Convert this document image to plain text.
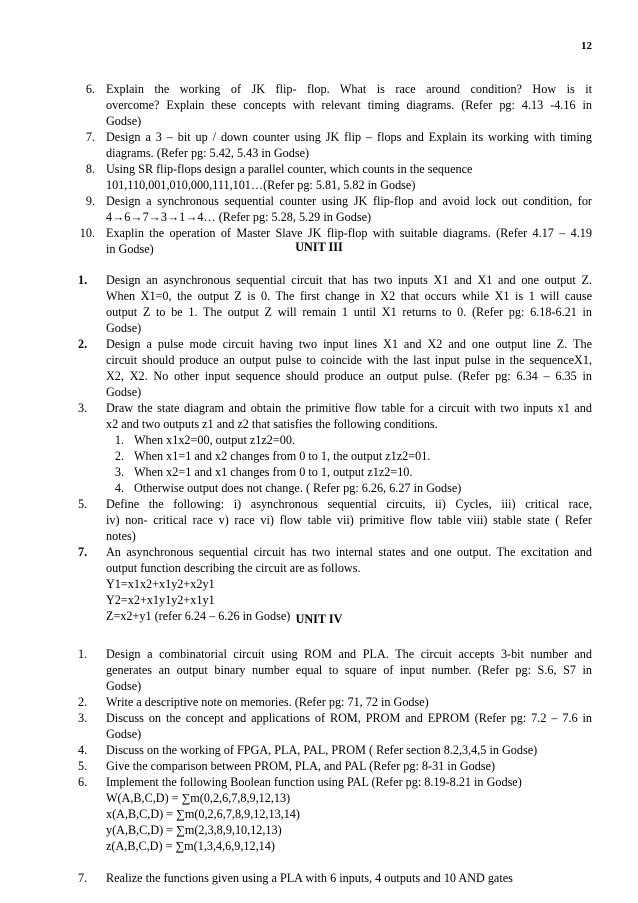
12
6. Explain the working of JK flip- flop. What is race around condition? How is it
overcome? Explain these concepts with relevant timing diagrams. (Refer pg: 4.13 -4.16 in
Godse)
7. Design a 3 – bit up / down counter using JK flip – flops and Explain its working with timing
diagrams. (Refer pg: 5.42, 5.43 in Godse)
8. Using SR flip-flops design a parallel counter, which counts in the sequence
101,110,001,010,000,111,101…(Refer pg: 5.81, 5.82 in Godse)
9. Design a synchronous sequential counter using JK flip-flop and avoid lock out condition, for
4→6→7→3→1→4… (Refer pg: 5.28, 5.29 in Godse)
10. Exaplin the operation of Master Slave JK flip-flop with suitable diagrams. (Refer 4.17 – 4.19
in Godse)	UNIT III
1. Design an asynchronous sequential circuit that has two inputs X1 and X1 and one output Z.
When X1=0, the output Z is 0. The first change in X2 that occurs while X1 is 1 will cause
output Z to be 1. The output Z will remain 1 until X1 returns to 0. (Refer pg: 6.18-6.21 in
Godse)
2. Design a pulse mode circuit having two input lines X1 and X2 and one output line Z. The
circuit should produce an output pulse to coincide with the last input pulse in the sequenceX1,
X2, X2. No other input sequence should produce an output pulse. (Refer pg: 6.34 – 6.35 in
Godse)
3. Draw the state diagram and obtain the primitive flow table for a circuit with two inputs x1 and
x2 and two outputs z1 and z2 that satisfies the following conditions.
1. When x1x2=00, output z1z2=00.
2. When x1=1 and x2 changes from 0 to 1, the output z1z2=01.
3. When x2=1 and x1 changes from 0 to 1, output z1z2=10.
4. Otherwise output does not change. ( Refer pg: 6.26, 6.27 in Godse)
5. Define the following: i) asynchronous sequential circuits, ii) Cycles, iii) critical race,
iv) non- critical race v) race vi) flow table vii) primitive flow table viii) stable state ( Refer
notes)
7. An asynchronous sequential circuit has two internal states and one output. The excitation and
output function describing the circuit are as follows.
Y1=x1x2+x1y2+x2y1
Y2=x2+x1y1y2+x1y1
Z=x2+y1 (refer 6.24 – 6.26 in Godse) UNIT IV
1. Design a combinatorial circuit using ROM and PLA. The circuit accepts 3-bit number and
generates an output binary number equal to square of input number. (Refer pg: S.6, S7 in
Godse)
2. Write a descriptive note on memories. (Refer pg: 71, 72 in Godse)
3. Discuss on the concept and applications of ROM, PROM and EPROM (Refer pg: 7.2 – 7.6 in
Godse)
4. Discuss on the working of FPGA, PLA, PAL, PROM ( Refer section 8.2,3,4,5 in Godse)
5. Give the comparison between PROM, PLA, and PAL (Refer pg: 8-31 in Godse)
6. Implement the following Boolean function using PAL (Refer pg: 8.19-8.21 in Godse)
W(A,B,C,D) = ∑m(0,2,6,7,8,9,12,13)
x(A,B,C,D) = ∑m(0,2,6,7,8,9,12,13,14)
y(A,B,C,D) = ∑m(2,3,8,9,10,12,13)
z(A,B,C,D) = ∑m(1,3,4,6,9,12,14)
7. Realize the functions given using a PLA with 6 inputs, 4 outputs and 10 AND gates
